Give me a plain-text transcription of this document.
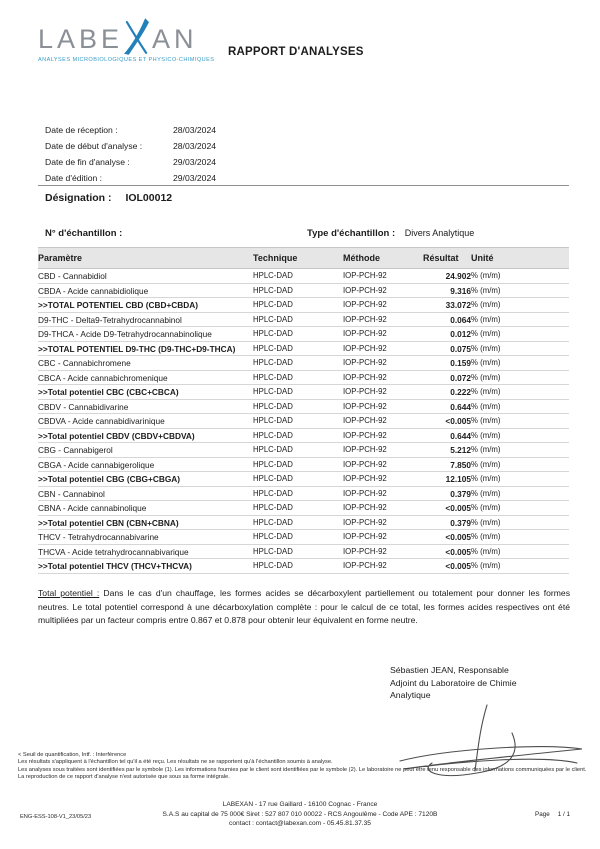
LABE AN
ANALYSES MICROBIOLOGIQUES ET PHYSICO-CHIMIQUES
RAPPORT D'ANALYSES
Date de réception :	28/03/2024
Date de début d'analyse :	28/03/2024
Date de fin d'analyse :	29/03/2024
Date d'édition :	29/03/2024
Désignation : IOL00012
N° d'échantillon :	Type d'échantillon : Divers Analytique
Paramètre	Technique	Méthode	Résultat	Unité
CBD - Cannabidiol	HPLC-DAD	IOP-PCH-92	24.902	% (m/m)
CBDA - Acide cannabidiolique	HPLC-DAD	IOP-PCH-92	9.316	% (m/m)
>>TOTAL POTENTIEL CBD (CBD+CBDA)	HPLC-DAD	IOP-PCH-92	33.072	% (m/m)
D9-THC - Delta9-Tetrahydrocannabinol	HPLC-DAD	IOP-PCH-92	0.064	% (m/m)
D9-THCA - Acide D9-Tetrahydrocannabinolique	HPLC-DAD	IOP-PCH-92	0.012	% (m/m)
>>TOTAL POTENTIEL D9-THC (D9-THC+D9-THCA)	HPLC-DAD	IOP-PCH-92	0.075	% (m/m)
CBC - Cannabichromene	HPLC-DAD	IOP-PCH-92	0.159	% (m/m)
CBCA - Acide cannabichromenique	HPLC-DAD	IOP-PCH-92	0.072	% (m/m)
>>Total potentiel CBC (CBC+CBCA)	HPLC-DAD	IOP-PCH-92	0.222	% (m/m)
CBDV - Cannabidivarine	HPLC-DAD	IOP-PCH-92	0.644	% (m/m)
CBDVA - Acide cannabidivarinique	HPLC-DAD	IOP-PCH-92	<0.005	% (m/m)
>>Total potentiel CBDV (CBDV+CBDVA)	HPLC-DAD	IOP-PCH-92	0.644	% (m/m)
CBG - Cannabigerol	HPLC-DAD	IOP-PCH-92	5.212	% (m/m)
CBGA - Acide cannabigerolique	HPLC-DAD	IOP-PCH-92	7.850	% (m/m)
>>Total potentiel CBG (CBG+CBGA)	HPLC-DAD	IOP-PCH-92	12.105	% (m/m)
CBN - Cannabinol	HPLC-DAD	IOP-PCH-92	0.379	% (m/m)
CBNA - Acide cannabinolique	HPLC-DAD	IOP-PCH-92	<0.005	% (m/m)
>>Total potentiel CBN (CBN+CBNA)	HPLC-DAD	IOP-PCH-92	0.379	% (m/m)
THCV - Tetrahydrocannabivarine	HPLC-DAD	IOP-PCH-92	<0.005	% (m/m)
THCVA - Acide tetrahydrocannabivarique	HPLC-DAD	IOP-PCH-92	<0.005	% (m/m)
>>Total potentiel THCV (THCV+THCVA)	HPLC-DAD	IOP-PCH-92	<0.005	% (m/m)
Total potentiel : Dans le cas d'un chauffage, les formes acides se décarboxylent partiellement ou totalement pour donner les formes neutres. Le total potentiel correspond à une décarboxylation complète : pour le calcul de ce total, les formes acides respectives ont été multipliées par un facteur compris entre 0.867 et 0.878 pour obtenir leur équivalent en forme neutre.
Sébastien JEAN, Responsable
Adjoint du Laboratoire de Chimie
Analytique

< Seuil de quantification, Intf. : Interférence

Les résultats s'appliquent à l'échantillon tel qu'il a été reçu. Les résultats ne se rapportent qu'à l'échantillon soumis à analyse.

Les analyses sous traitées sont identifiées par le symbole (1). Les informations fournies par le client sont identifiées par le symbole (2). Le laboratoire ne peut être tenu responsable des informations communiquées par le client.

La reproduction de ce rapport d'analyse n'est autorisée que sous sa forme intégrale.

LABEXAN - 17 rue Gaillard - 16100 Cognac - France
S.A.S au capital de 75 000€ Siret : 527 807 010 00022 - RCS Angoulême - Code APE : 7120B
contact : contact@labexan.com - 05.45.81.37.35
ENG-ESS-108-V1_23/05/23	Page 1 / 1
